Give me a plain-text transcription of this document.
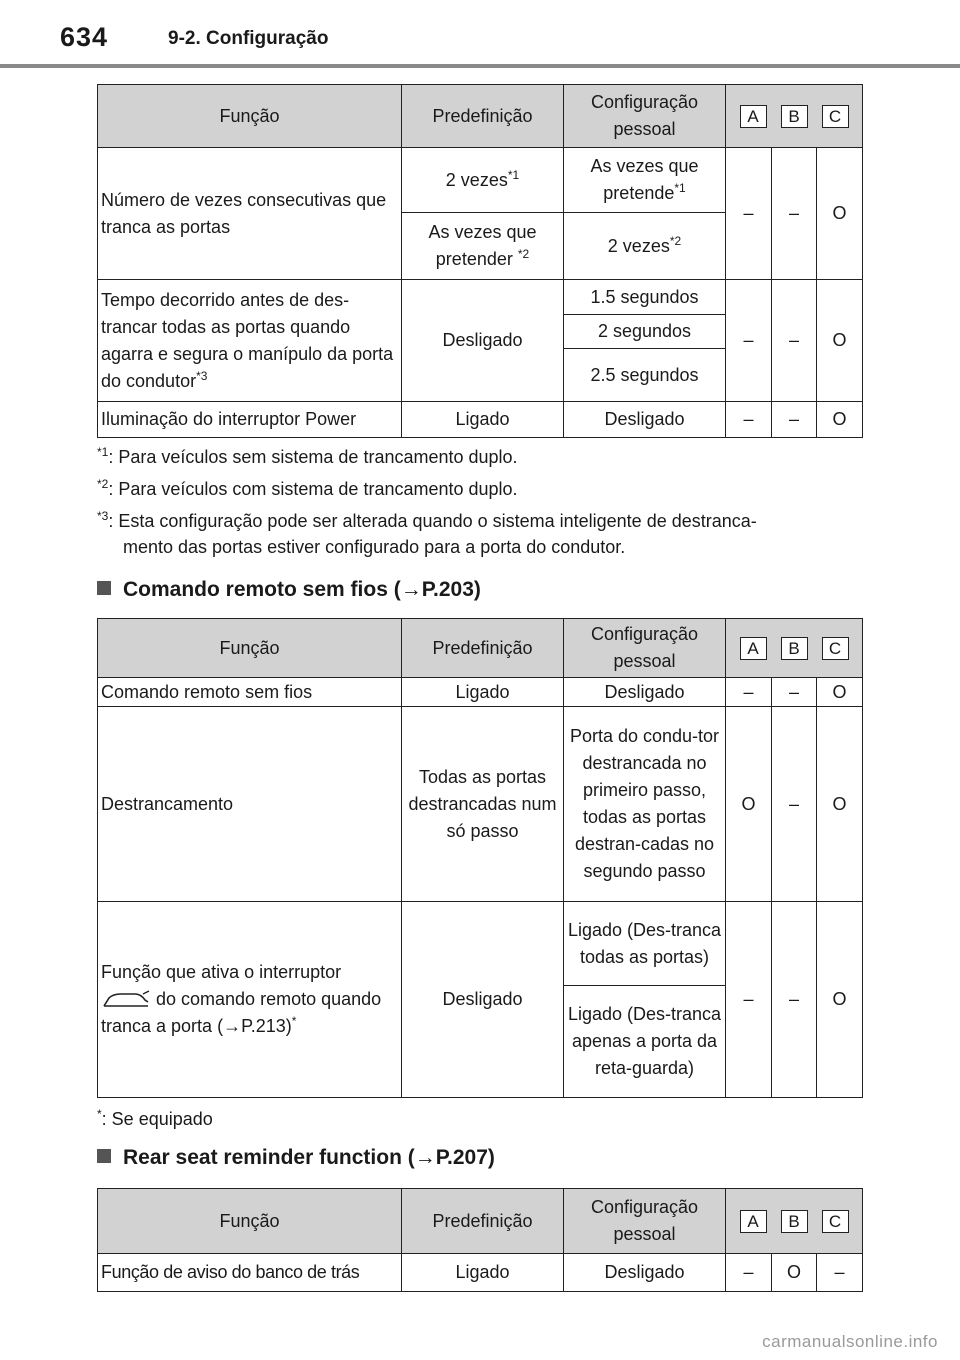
634	9-2. Configuração
Função	Predefinição	Configuração pessoal	A B C		
Número de vezes consecutivas que tranca as portas	2 vezes$^{*1}$	As vezes que pretende$^{*1}$	–	–	O
	As vezes que pretender $^{*2}$	2 vezes$^{*2}$
Tempo decorrido antes de des-trancar todas as portas quando agarra e segura o manípulo da porta do condutor$^{*3}$	Desligado	1.5 segundos	–	–	O
		2 segundos			
		2.5 segundos			
Iluminação do interruptor Power	Ligado	Desligado	–	–	O
$^{*1}$: Para veículos sem sistema de trancamento duplo.
$^{*2}$: Para veículos com sistema de trancamento duplo.
$^{*3}$: Esta configuração pode ser alterada quando o sistema inteligente de destranca-
mento das portas estiver configurado para a porta do condutor.
Comando remoto sem fios (→P.203)
Função	Predefinição	Configuração pessoal	A B C		
Comando remoto sem fios	Ligado	Desligado	–	–	O
Destrancamento	Todas as portas destrancadas num só passo	Porta do condu-tor destrancada no primeiro passo, todas as portas destran-cadas no segundo passo	O	–	O
Função que ativa o interruptor
do comando remoto quando tranca a porta (→P.213)*	Desligado	Ligado (Des-tranca todas as portas)	–	–	O
		Ligado (Des-tranca apenas a porta da reta-guarda)			
*: Se equipado
Rear seat reminder function (→P.207)
Função	Predefinição	Configuração pessoal	A B C		
Função de aviso do banco de trás	Ligado	Desligado	–	O	–
carmanualsonline.info
